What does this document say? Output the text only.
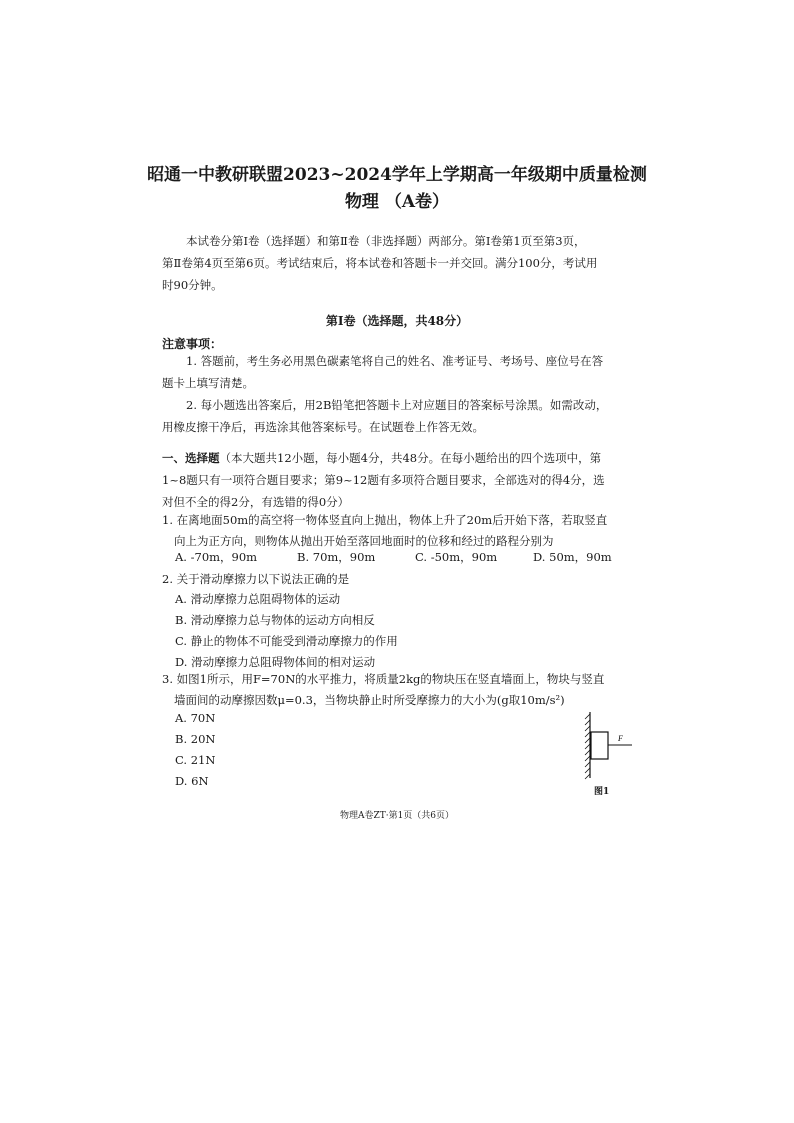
昭通一中教研联盟2023~2024学年上学期高一年级期中质量检测
物理 （A卷）
本试卷分第Ⅰ卷（选择题）和第Ⅱ卷（非选择题）两部分。第Ⅰ卷第1页至第3页，
第Ⅱ卷第4页至第6页。考试结束后，将本试卷和答题卡一并交回。满分100分，考试用
时90分钟。
第Ⅰ卷（选择题，共48分）
注意事项：
1. 答题前，考生务必用黑色碳素笔将自己的姓名、准考证号、考场号、座位号在答
题卡上填写清楚。
2. 每小题选出答案后，用2B铅笔把答题卡上对应题目的答案标号涂黑。如需改动，
用橡皮擦干净后，再选涂其他答案标号。在试题卷上作答无效。
一、选择题（本大题共12小题，每小题4分，共48分。在每小题给出的四个选项中，第
1~8题只有一项符合题目要求；第9~12题有多项符合题目要求，全部选对的得4分，选
对但不全的得2分，有选错的得0分）
1. 在离地面50m的高空将一物体竖直向上抛出，物体上升了20m后开始下落，若取竖直
向上为正方向，则物体从抛出开始至落回地面时的位移和经过的路程分别为
A. -70m，90m	B. 70m，90m	C. -50m，90m	D. 50m，90m
2. 关于滑动摩擦力以下说法正确的是
A. 滑动摩擦力总阻碍物体的运动
B. 滑动摩擦力总与物体的运动方向相反
C. 静止的物体不可能受到滑动摩擦力的作用
D. 滑动摩擦力总阻碍物体间的相对运动
3. 如图1所示，用F=70N的水平推力，将质量2kg的物块压在竖直墙面上，物块与竖直
墙面间的动摩擦因数μ=0.3，当物块静止时所受摩擦力的大小为(g取10m/s²)
A. 70N
B. 20N
C. 21N
D. 6N
F
图1
物理A卷ZT·第1页（共6页）
